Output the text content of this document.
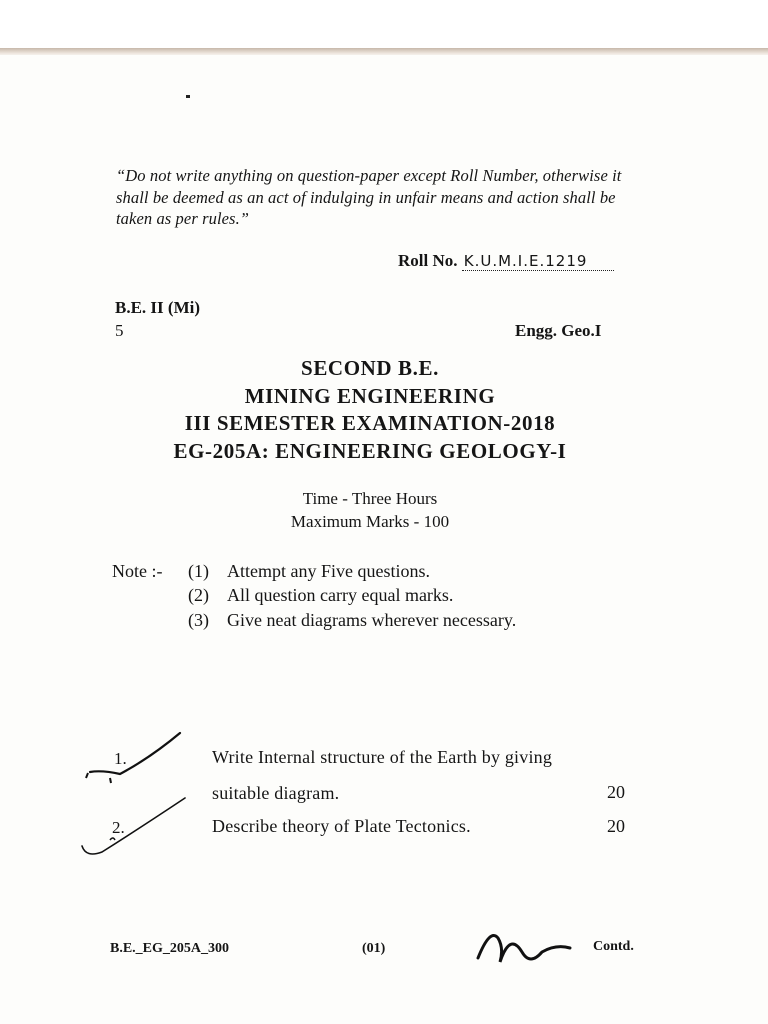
“Do not write anything on question-paper except Roll Number, otherwise it shall be deemed as an act of indulging in unfair means and action shall be taken as per rules.”
Roll No. K.U.M.I.E.1219
B.E. II (Mi)
5	Engg. Geo.I
SECOND B.E.
MINING ENGINEERING
III SEMESTER EXAMINATION-2018
EG-205A: ENGINEERING GEOLOGY-I
Time - Three Hours
Maximum Marks - 100
Note :- (1) Attempt any Five questions.
(2) All question carry equal marks.
(3) Give neat diagrams wherever necessary.
1.	Write Internal structure of the Earth by giving
suitable diagram.	20
2.	Describe theory of Plate Tectonics.	20
B.E._EG_205A_300	(01)	Contd.
